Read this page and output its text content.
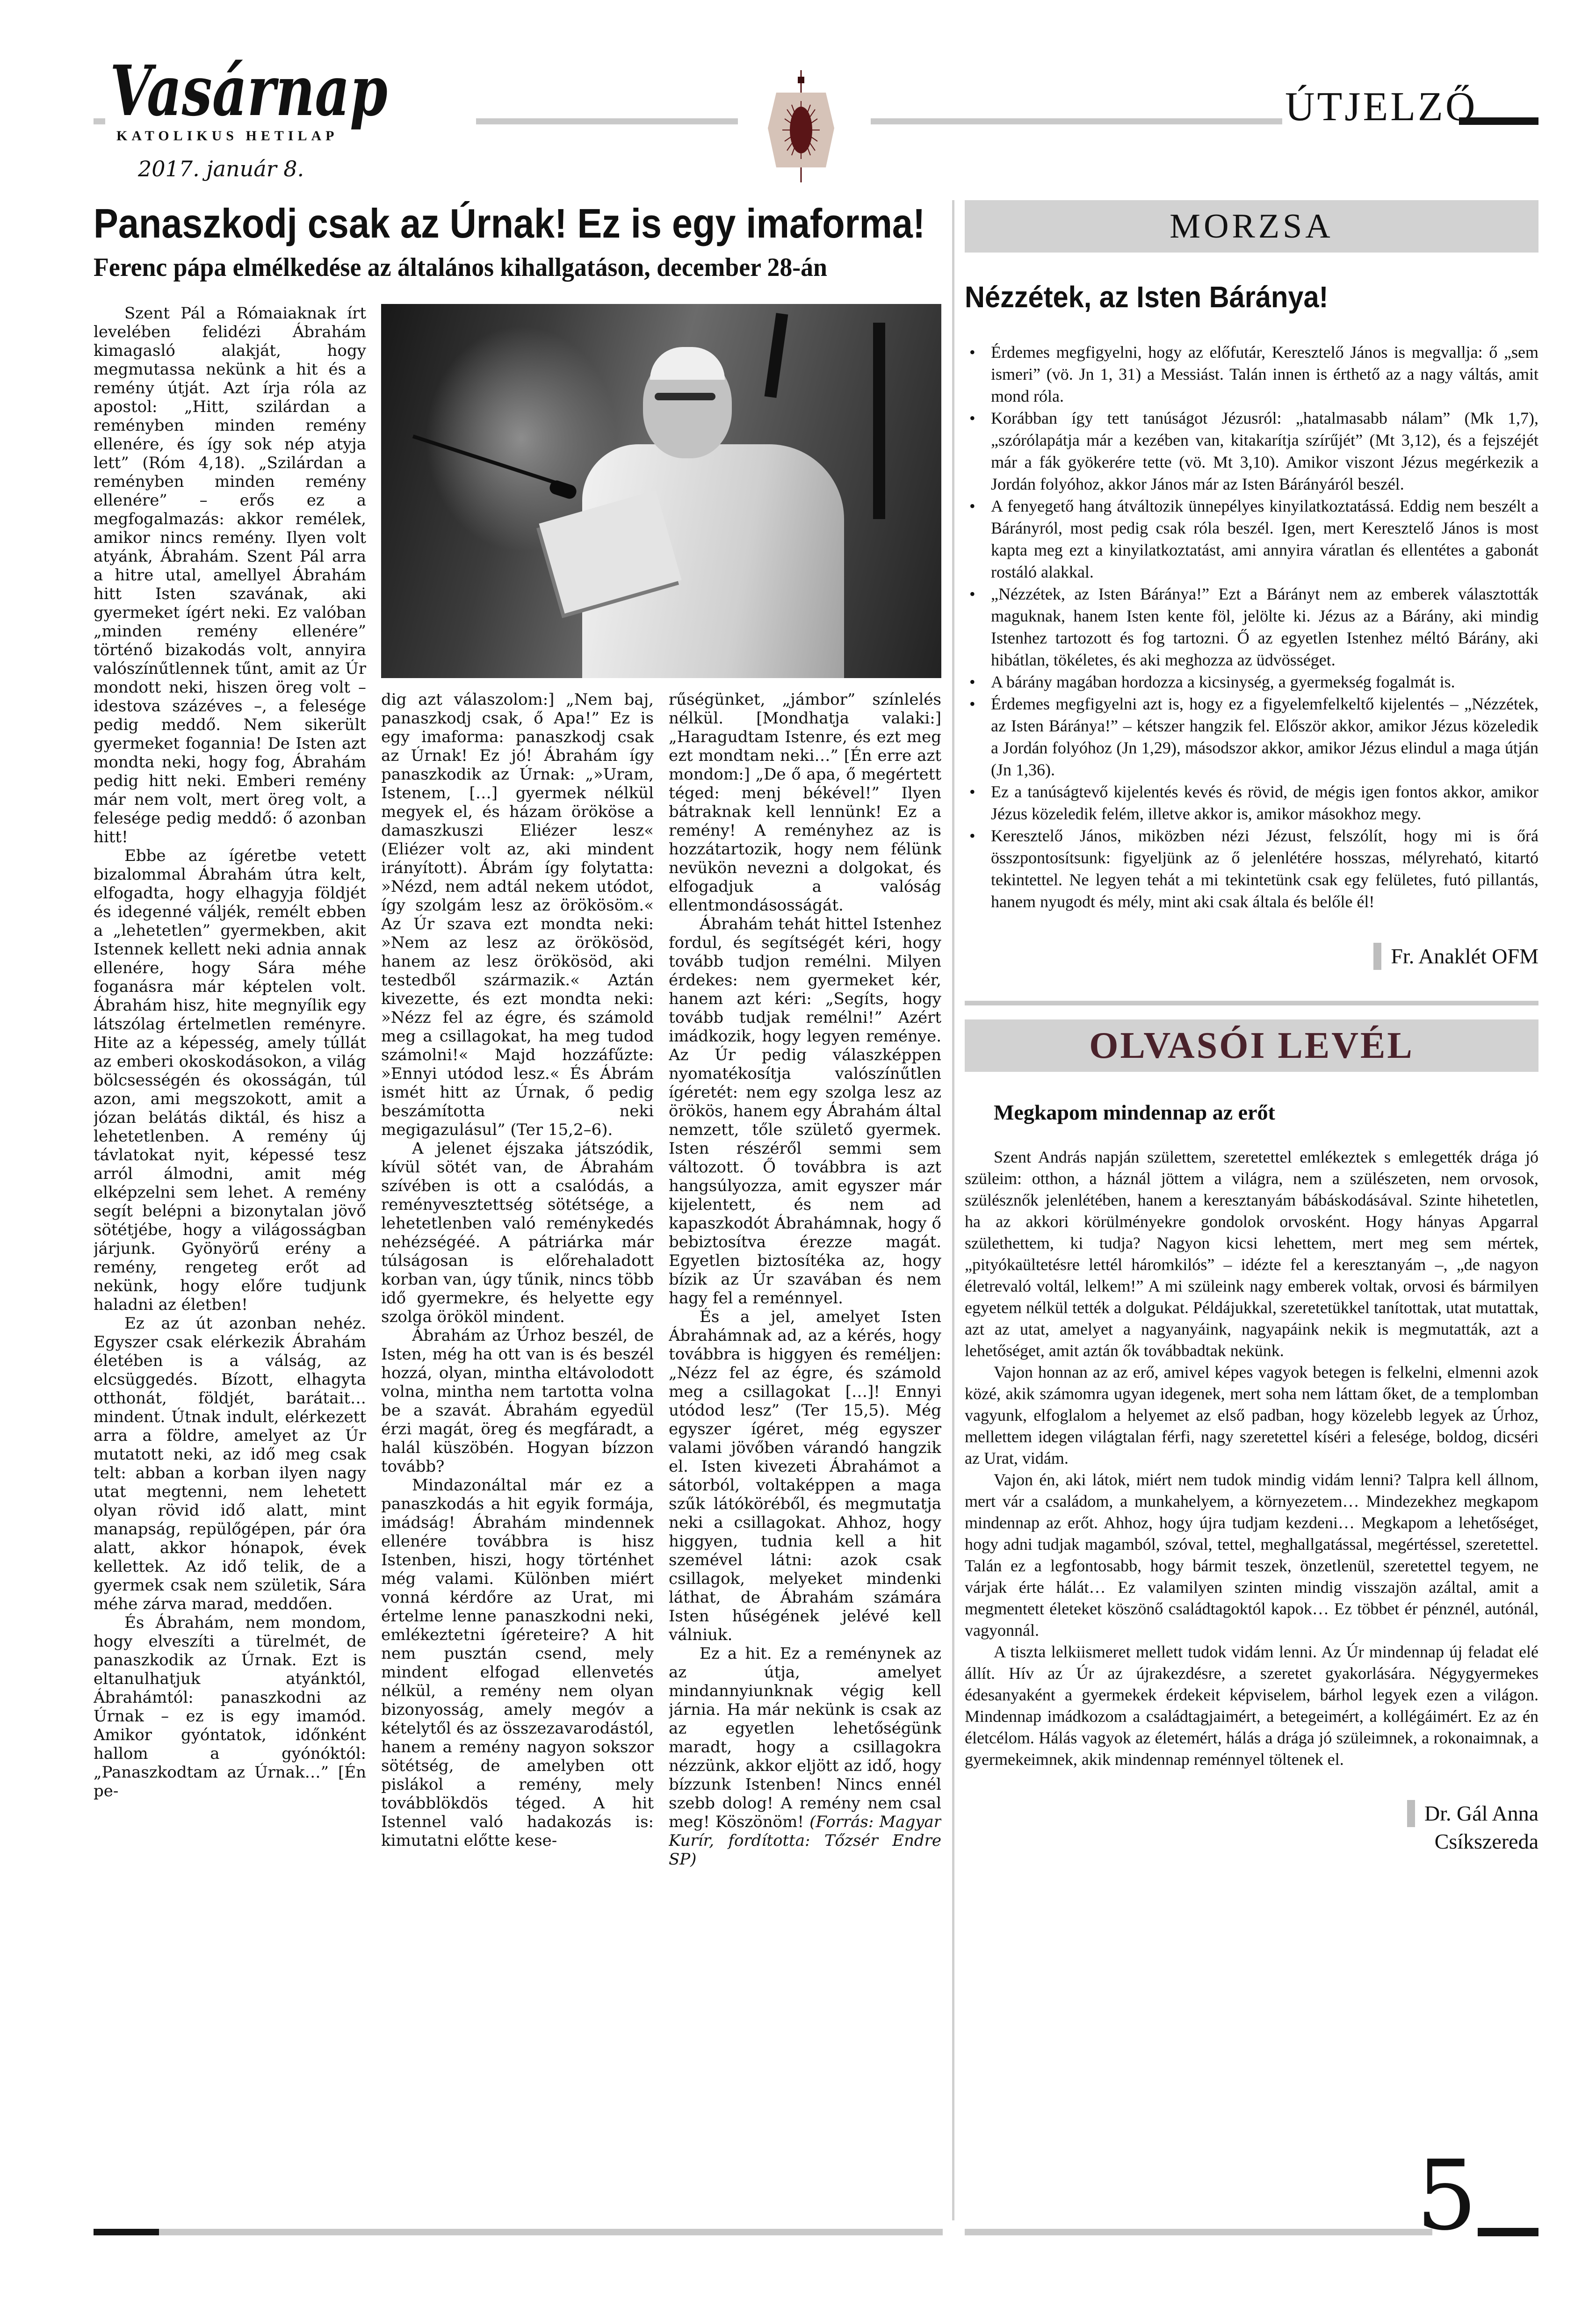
Vasárnap
KATOLIKUS HETILAP
2017. január 8.
ÚTJELZŐ
Panaszkodj csak az Úrnak! Ez is egy imaforma!
Ferenc pápa elmélkedése az általános kihallgatáson, december 28-án

Szent Pál a Rómaiaknak írt levelében felidézi Ábrahám kimagasló alakját, hogy megmutassa nekünk a hit és a remény útját. Azt írja róla az apostol: „Hitt, szilárdan a reményben minden remény ellenére, és így sok nép atyja lett” (Róm 4,18). „Szilárdan a reményben minden remény ellenére” – erős ez a megfogalmazás: akkor remélek, amikor nincs remény. Ilyen volt atyánk, Ábrahám. Szent Pál arra a hitre utal, amellyel Ábrahám hitt Isten szavának, aki gyermeket ígért neki. Ez valóban „minden remény ellenére” történő bizakodás volt, annyira valószínűtlennek tűnt, amit az Úr mondott neki, hiszen öreg volt – idestova százéves –, a felesége pedig meddő. Nem sikerült gyermeket fogannia! De Isten azt mondta neki, hogy fog, Ábrahám pedig hitt neki. Emberi remény már nem volt, mert öreg volt, a felesége pedig meddő: ő azonban hitt!

Ebbe az ígéretbe vetett bizalommal Ábrahám útra kelt, elfogadta, hogy elhagyja földjét és idegenné váljék, remélt ebben a „lehetetlen” gyermekben, akit Istennek kellett neki adnia annak ellenére, hogy Sára méhe foganásra már képtelen volt. Ábrahám hisz, hite megnyílik egy látszólag értelmetlen reményre. Hite az a képesség, amely túllát az emberi okoskodásokon, a világ bölcsességén és okosságán, túl azon, ami megszokott, amit a józan belátás diktál, és hisz a lehetetlenben. A remény új távlatokat nyit, képessé tesz arról álmodni, amit még elképzelni sem lehet. A remény segít belépni a bizonytalan jövő sötétjébe, hogy a világosságban járjunk. Gyönyörű erény a remény, rengeteg erőt ad nekünk, hogy előre tudjunk haladni az életben!

Ez az út azonban nehéz. Egyszer csak elérkezik Ábrahám életében is a válság, az elcsüggedés. Bízott, elhagyta otthonát, földjét, barátait… mindent. Útnak indult, elérkezett arra a földre, amelyet az Úr mutatott neki, az idő meg csak telt: abban a korban ilyen nagy utat megtenni, nem lehetett olyan rövid idő alatt, mint manapság, repülőgépen, pár óra alatt, akkor hónapok, évek kellettek. Az idő telik, de a gyermek csak nem születik, Sára méhe zárva marad, meddően.

És Ábrahám, nem mondom, hogy elveszíti a türelmét, de panaszkodik az Úrnak. Ezt is eltanulhatjuk atyánktól, Ábrahámtól: panaszkodni az Úrnak – ez is egy imamód. Amikor gyóntatok, időnként hallom a gyónóktól: „Panaszkodtam az Úrnak…” [Én pe-

dig azt válaszolom:] „Nem baj, panaszkodj csak, ő Apa!” Ez is egy imaforma: panaszkodj csak az Úrnak! Ez jó! Ábrahám így panaszkodik az Úrnak: „»Uram, Istenem, […] gyermek nélkül megyek el, és házam örököse a damaszkuszi Eliézer lesz« (Eliézer volt az, aki mindent irányított). Ábrám így folytatta: »Nézd, nem adtál nekem utódot, így szolgám lesz az örökösöm.« Az Úr szava ezt mondta neki: »Nem az lesz az örökösöd, hanem az lesz örökösöd, aki testedből származik.« Aztán kivezette, és ezt mondta neki: »Nézz fel az égre, és számold meg a csillagokat, ha meg tudod számolni!« Majd hozzáfűzte: »Ennyi utódod lesz.« És Ábrám ismét hitt az Úrnak, ő pedig beszámította neki megigazulásul” (Ter 15,2–6).

A jelenet éjszaka játszódik, kívül sötét van, de Ábrahám szívében is ott a csalódás, a reményvesztettség sötétsége, a lehetetlenben való reménykedés nehézségéé. A pátriárka már túlságosan is előrehaladott korban van, úgy tűnik, nincs több idő gyermekre, és helyette egy szolga örököl mindent.

Ábrahám az Úrhoz beszél, de Isten, még ha ott van is és beszél hozzá, olyan, mintha eltávolodott volna, mintha nem tartotta volna be a szavát. Ábrahám egyedül érzi magát, öreg és megfáradt, a halál küszöbén. Hogyan bízzon tovább?

Mindazonáltal már ez a panaszkodás a hit egyik formája, imádság! Ábrahám mindennek ellenére továbbra is hisz Istenben, hiszi, hogy történhet még valami. Különben miért vonná kérdőre az Urat, mi értelme lenne panaszkodni neki, emlékeztetni ígéreteire? A hit nem pusztán csend, mely mindent elfogad ellenvetés nélkül, a remény nem olyan bizonyosság, amely megóv a kételytől és az összezavarodástól, hanem a remény nagyon sokszor sötétség, de amelyben ott pislákol a remény, mely továbblökdös téged. A hit Istennel való hadakozás is: kimutatni előtte kese-

rűségünket, „jámbor” színlelés nélkül. [Mondhatja valaki:] „Haragudtam Istenre, és ezt meg ezt mondtam neki…” [Én erre azt mondom:] „De ő apa, ő megértett téged: menj békével!” Ilyen bátraknak kell lennünk! Ez a remény! A reményhez az is hozzátartozik, hogy nem félünk nevükön nevezni a dolgokat, és elfogadjuk a valóság ellentmondásosságát.

Ábrahám tehát hittel Istenhez fordul, és segítségét kéri, hogy tovább tudjon remélni. Milyen érdekes: nem gyermeket kér, hanem azt kéri: „Segíts, hogy tovább tudjak remélni!” Azért imádkozik, hogy legyen reménye. Az Úr pedig válaszképpen nyomatékosítja valószínűtlen ígéretét: nem egy szolga lesz az örökös, hanem egy Ábrahám által nemzett, tőle születő gyermek. Isten részéről semmi sem változott. Ő továbbra is azt hangsúlyozza, amit egyszer már kijelentett, és nem ad kapaszkodót Ábrahámnak, hogy ő bebiztosítva érezze magát. Egyetlen biztosítéka az, hogy bízik az Úr szavában és nem hagy fel a reménnyel.

És a jel, amelyet Isten Ábrahámnak ad, az a kérés, hogy továbbra is higgyen és reméljen: „Nézz fel az égre, és számold meg a csillagokat […]! Ennyi utódod lesz” (Ter 15,5). Még egyszer ígéret, még egyszer valami jövőben várandó hangzik el. Isten kivezeti Ábrahámot a sátorból, voltaképpen a maga szűk látóköréből, és megmutatja neki a csillagokat. Ahhoz, hogy higgyen, tudnia kell a hit szemével látni: azok csak csillagok, melyeket mindenki láthat, de Ábrahám számára Isten hűségének jelévé kell válniuk.

Ez a hit. Ez a reménynek az az útja, amelyet mindannyiunknak végig kell járnia. Ha már nekünk is csak az az egyetlen lehetőségünk maradt, hogy a csillagokra nézzünk, akkor eljött az idő, hogy bízzunk Istenben! Nincs ennél szebb dolog! A remény nem csal meg! Köszönöm! (Forrás: Magyar Kurír, fordította: Tőzsér Endre SP)

MORZSA
Nézzétek, az Isten Báránya!
• Érdemes megfigyelni, hogy az előfutár, Keresztelő János is megvallja: ő „sem ismeri” (vö. Jn 1, 31) a Messiást. Talán innen is érthető az a nagy váltás, amit mond róla.
• Korábban így tett tanúságot Jézusról: „hatalmasabb nálam” (Mk 1,7), „szórólapátja már a kezében van, kitakarítja szírűjét” (Mt 3,12), és a fejszéjét már a fák gyökerére tette (vö. Mt 3,10). Amikor viszont Jézus megérkezik a Jordán folyóhoz, akkor János már az Isten Bárányáról beszél.
• A fenyegető hang átváltozik ünnepélyes kinyilatkoztatássá. Eddig nem beszélt a Bárányról, most pedig csak róla beszél. Igen, mert Keresztelő János is most kapta meg ezt a kinyilatkoztatást, ami annyira váratlan és ellentétes a gabonát rostáló alakkal.
• „Nézzétek, az Isten Báránya!” Ezt a Bárányt nem az emberek választották maguknak, hanem Isten kente föl, jelölte ki. Jézus az a Bárány, aki mindig Istenhez tartozott és fog tartozni. Ő az egyetlen Istenhez méltó Bárány, aki hibátlan, tökéletes, és aki meghozza az üdvösséget.
• A bárány magában hordozza a kicsinység, a gyermekség fogalmát is.
• Érdemes megfigyelni azt is, hogy ez a figyelemfelkeltő kijelentés – „Nézzétek, az Isten Báránya!” – kétszer hangzik fel. Először akkor, amikor Jézus közeledik a Jordán folyóhoz (Jn 1,29), másodszor akkor, amikor Jézus elindul a maga útján (Jn 1,36).
• Ez a tanúságtevő kijelentés kevés és rövid, de mégis igen fontos akkor, amikor Jézus közeledik felém, illetve akkor is, amikor másokhoz megy.
• Keresztelő János, miközben nézi Jézust, felszólít, hogy mi is őrá összpontosítsunk: figyeljünk az ő jelenlétére hosszas, mélyreható, kitartó tekintettel. Ne legyen tehát a mi tekintetünk csak egy felületes, futó pillantás, hanem nyugodt és mély, mint aki csak általa és belőle él!
Fr. Anaklét OFM
OLVASÓI LEVÉL
Megkapom mindennap az erőt

Szent András napján születtem, szeretettel emlékeztek s emlegették drága jó szüleim: otthon, a háznál jöttem a világra, nem a szülészeten, nem orvosok, szülésznők jelenlétében, hanem a keresztanyám bábáskodásával. Szinte hihetetlen, ha az akkori körülményekre gondolok orvosként. Hogy hányas Apgarral születhettem, ki tudja? Nagyon kicsi lehettem, mert meg sem mértek, „pityókaültetésre lettél háromkilós” – idézte fel a keresztanyám –, „de nagyon életrevaló voltál, lelkem!” A mi szüleink nagy emberek voltak, orvosi és bármilyen egyetem nélkül tették a dolgukat. Példájukkal, szeretetükkel tanítottak, utat mutattak, azt az utat, amelyet a nagyanyáink, nagyapáink nekik is megmutatták, azt a lehetőséget, amit aztán ők továbbadtak nekünk.

Vajon honnan az az erő, amivel képes vagyok betegen is felkelni, elmenni azok közé, akik számomra ugyan idegenek, mert soha nem láttam őket, de a templomban vagyunk, elfoglalom a helyemet az első padban, hogy közelebb legyek az Úrhoz, mellettem idegen világtalan férfi, nagy szeretettel kíséri a felesége, boldog, dicséri az Urat, vidám.

Vajon én, aki látok, miért nem tudok mindig vidám lenni? Talpra kell állnom, mert vár a családom, a munkahelyem, a környezetem… Mindezekhez megkapom mindennap az erőt. Ahhoz, hogy újra tudjam kezdeni… Megkapom a lehetőséget, hogy adni tudjak magamból, szóval, tettel, meghallgatással, megértéssel, szeretettel. Talán ez a legfontosabb, hogy bármit teszek, önzetlenül, szeretettel tegyem, ne várjak érte hálát… Ez valamilyen szinten mindig visszajön azáltal, amit a megmentett életeket köszönő családtagoktól kapok… Ez többet ér pénznél, autónál, vagyonnál.

A tiszta lelkiismeret mellett tudok vidám lenni. Az Úr mindennap új feladat elé állít. Hív az Úr az újrakezdésre, a szeretet gyakorlására. Négygyermekes édesanyaként a gyermekek érdekeit képviselem, bárhol legyek ezen a világon. Mindennap imádkozom a családtagjaimért, a betegeimért, a kollégáimért. Ez az én életcélom. Hálás vagyok az életemért, hálás a drága jó szüleimnek, a rokonaimnak, a gyermekeimnek, akik mindennap reménnyel töltenek el.

Dr. Gál Anna
Csíkszereda
5
